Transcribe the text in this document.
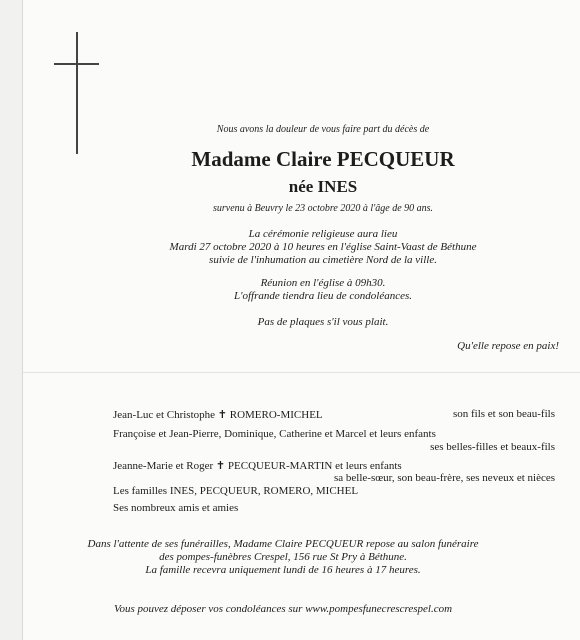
Nous avons la douleur de vous faire part du décès de
Madame Claire PECQUEUR
née INES
survenu à Beuvry le 23 octobre 2020 à l'âge de 90 ans.
La cérémonie religieuse aura lieu
Mardi 27 octobre 2020 à 10 heures en l'église Saint-Vaast de Béthune
suivie de l'inhumation au cimetière Nord de la ville.
Réunion en l'église à 09h30.
L'offrande tiendra lieu de condoléances.
Pas de plaques s'il vous plait.
Qu'elle repose en paix!
Jean-Luc et Christophe ✝ ROMERO-MICHEL	son fils et son beau-fils
Françoise et Jean-Pierre, Dominique, Catherine et Marcel et leurs enfants
ses belles-filles et beaux-fils
Jeanne-Marie et Roger ✝ PECQUEUR-MARTIN et leurs enfants
sa belle-sœur, son beau-frère, ses neveux et nièces
Les familles INES, PECQUEUR, ROMERO, MICHEL
Ses nombreux amis et amies
Dans l'attente de ses funérailles, Madame Claire PECQUEUR repose au salon funéraire
des pompes-funèbres Crespel, 156 rue St Pry à Béthune.
La famille recevra uniquement lundi de 16 heures à 17 heures.
Vous pouvez déposer vos condoléances sur www.pompesfunecrescrespel.com
